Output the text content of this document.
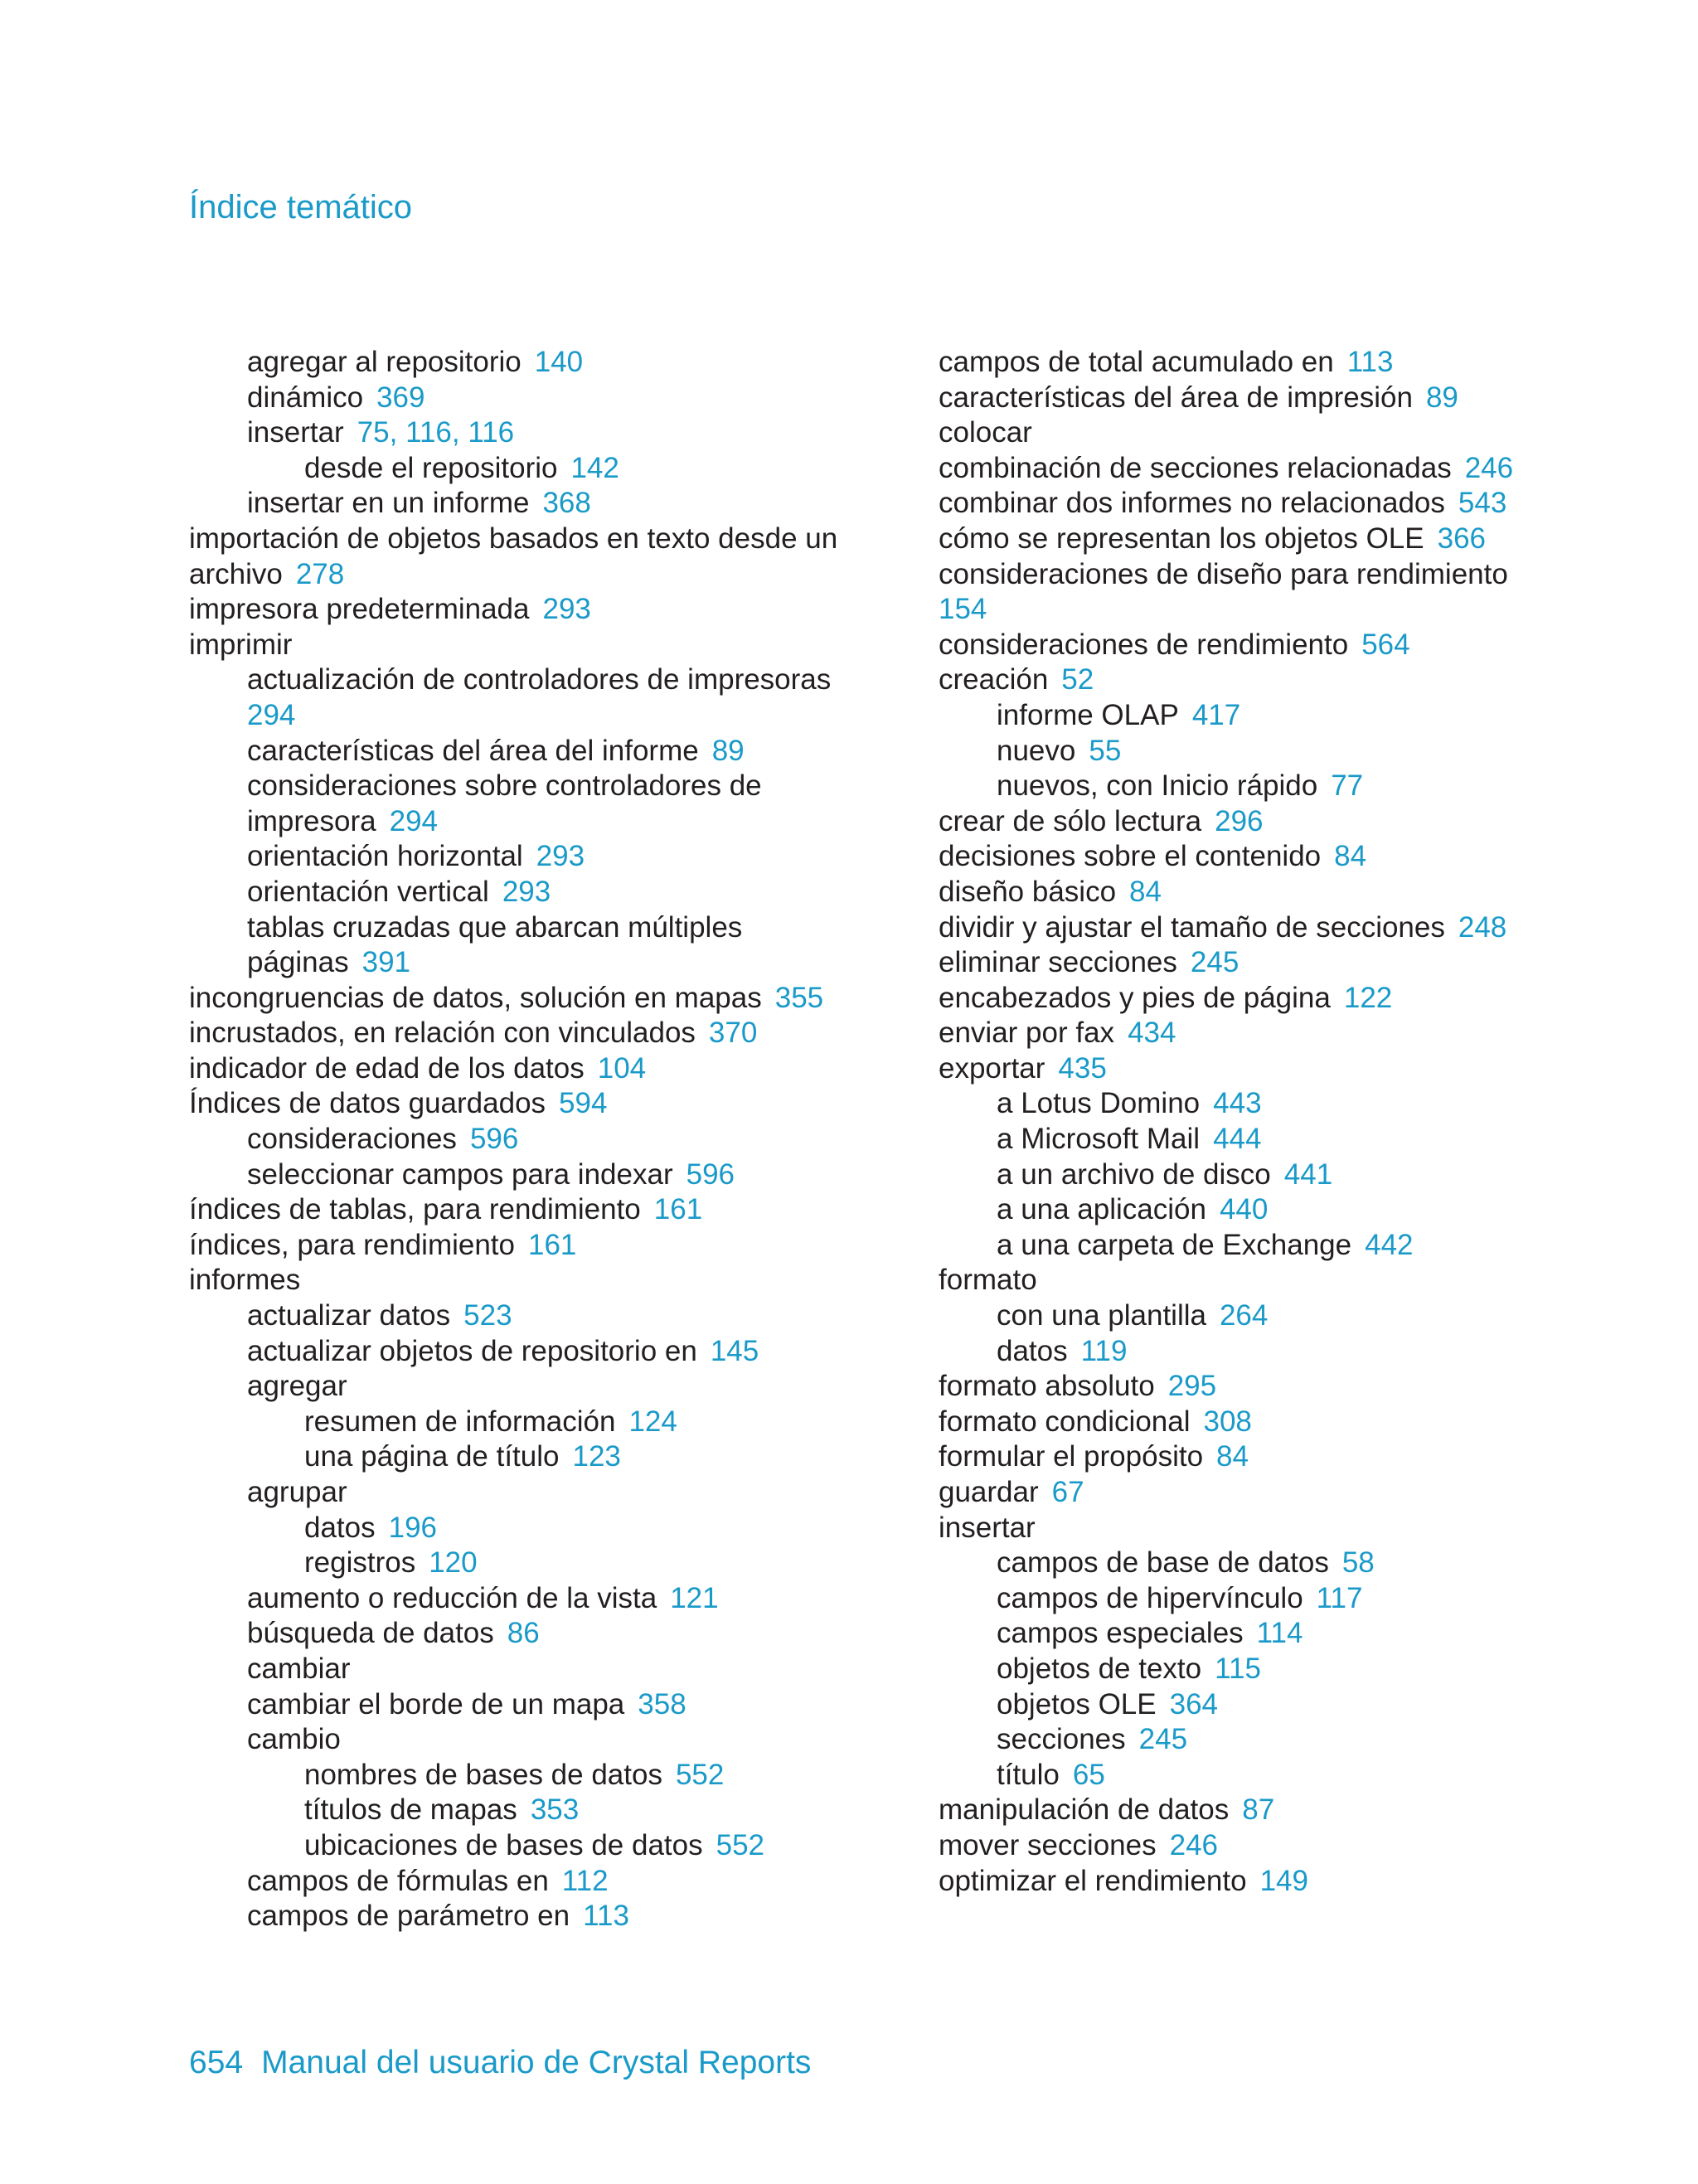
Índice temático
agregar al repositorio 140
dinámico 369
insertar 75, 116, 116
desde el repositorio 142
insertar en un informe 368
importación de objetos basados en texto desde un
archivo 278
impresora predeterminada 293
imprimir
actualización de controladores de impresoras
294
características del área del informe 89
consideraciones sobre controladores de
impresora 294
orientación horizontal 293
orientación vertical 293
tablas cruzadas que abarcan múltiples
páginas 391
incongruencias de datos, solución en mapas 355
incrustados, en relación con vinculados 370
indicador de edad de los datos 104
Índices de datos guardados 594
consideraciones 596
seleccionar campos para indexar 596
índices de tablas, para rendimiento 161
índices, para rendimiento 161
informes
actualizar datos 523
actualizar objetos de repositorio en 145
agregar
resumen de información 124
una página de título 123
agrupar
datos 196
registros 120
aumento o reducción de la vista 121
búsqueda de datos 86
cambiar
cambiar el borde de un mapa 358
cambio
nombres de bases de datos 552
títulos de mapas 353
ubicaciones de bases de datos 552
campos de fórmulas en 112
campos de parámetro en 113
campos de total acumulado en 113
características del área de impresión 89
colocar
combinación de secciones relacionadas 246
combinar dos informes no relacionados 543
cómo se representan los objetos OLE 366
consideraciones de diseño para rendimiento
154
consideraciones de rendimiento 564
creación 52
informe OLAP 417
nuevo 55
nuevos, con Inicio rápido 77
crear de sólo lectura 296
decisiones sobre el contenido 84
diseño básico 84
dividir y ajustar el tamaño de secciones 248
eliminar secciones 245
encabezados y pies de página 122
enviar por fax 434
exportar 435
a Lotus Domino 443
a Microsoft Mail 444
a un archivo de disco 441
a una aplicación 440
a una carpeta de Exchange 442
formato
con una plantilla 264
datos 119
formato absoluto 295
formato condicional 308
formular el propósito 84
guardar 67
insertar
campos de base de datos 58
campos de hipervínculo 117
campos especiales 114
objetos de texto 115
objetos OLE 364
secciones 245
título 65
manipulación de datos 87
mover secciones 246
optimizar el rendimiento 149
654 Manual del usuario de Crystal Reports
